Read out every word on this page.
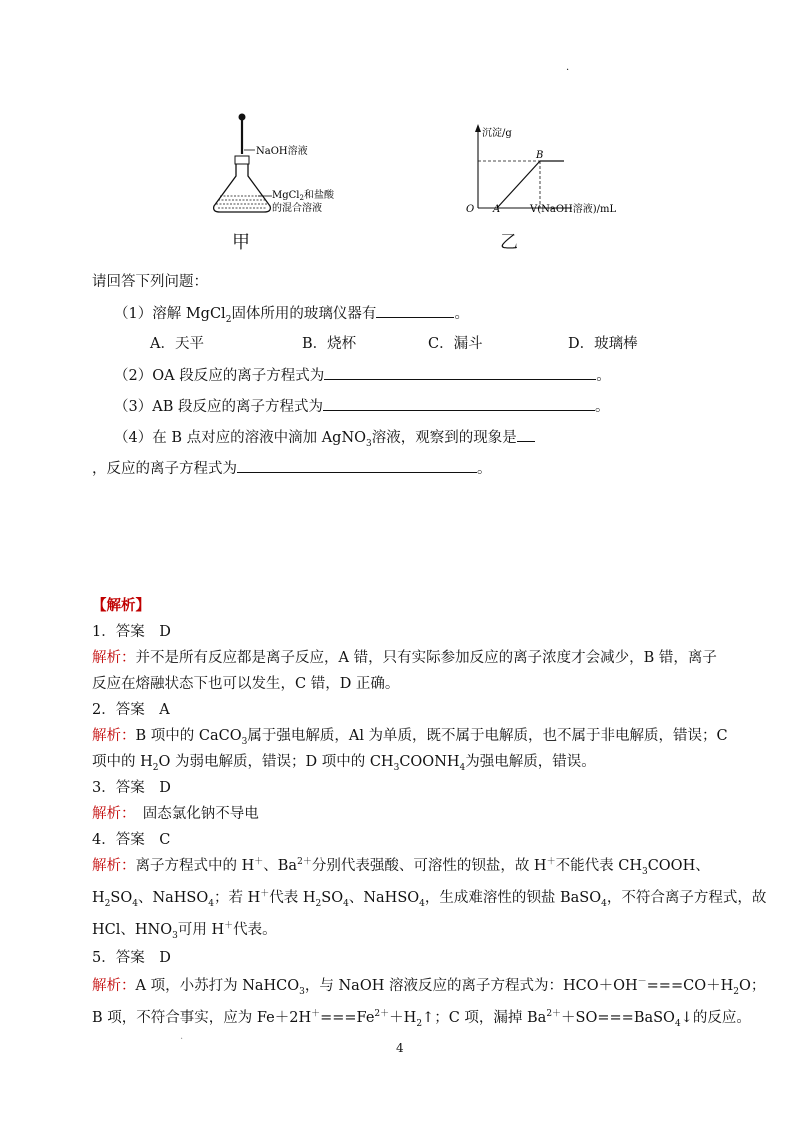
.
NaOH溶液
MgCl$_2$和盐酸
的混合溶液
甲
沉淀/g
B
O A	V(NaOH溶液)/mL
乙
请回答下列问题：
（1）溶解 MgCl$_2$固体所用的玻璃仪器有	。
A．天平	B．烧杯	C．漏斗	D．玻璃棒
（2）OA 段反应的离子方程式为	。
（3）AB 段反应的离子方程式为	。
（4）在 B 点对应的溶液中滴加 AgNO$_3$溶液，观察到的现象是
，反应的离子方程式为	。
【解析】
1．答案　D
解析：并不是所有反应都是离子反应，A 错，只有实际参加反应的离子浓度才会减少，B 错，离子
反应在熔融状态下也可以发生，C 错，D 正确。
2．答案　A
解析：B 项中的 CaCO$_3$属于强电解质，Al 为单质，既不属于电解质，也不属于非电解质，错误；C
项中的 $H_2O$ 为弱电解质，错误；D 项中的 $CH_3COONH_4$为强电解质，错误。
3．答案　D
解析：　固态氯化钠不导电
4．答案　C
解析：离子方程式中的 H＋、$Ba^{2+}$分别代表强酸、可溶性的钡盐，故 H＋不能代表 $CH_3COOH$、
$H_2SO_4$、NaHSO$_4$；若 H＋代表 $H_2SO_4$、NaHSO$_4$，生成难溶性的钡盐 BaSO$_4$，不符合离子方程式，故
HCl、$HNO_3$可用 H＋代表。
5．答案　D
解析：A 项，小苏打为 NaHCO$_3$，与 NaOH 溶液反应的离子方程式为：$HCO+OH^-===CO+H_2O$；
B 项，不符合事实，应为 $Fe+2H^+===Fe^{2+}+H_2↑$；C 项，漏掉 $Ba^{2+}+SO===BaSO_4↓$的反应。
·
4
